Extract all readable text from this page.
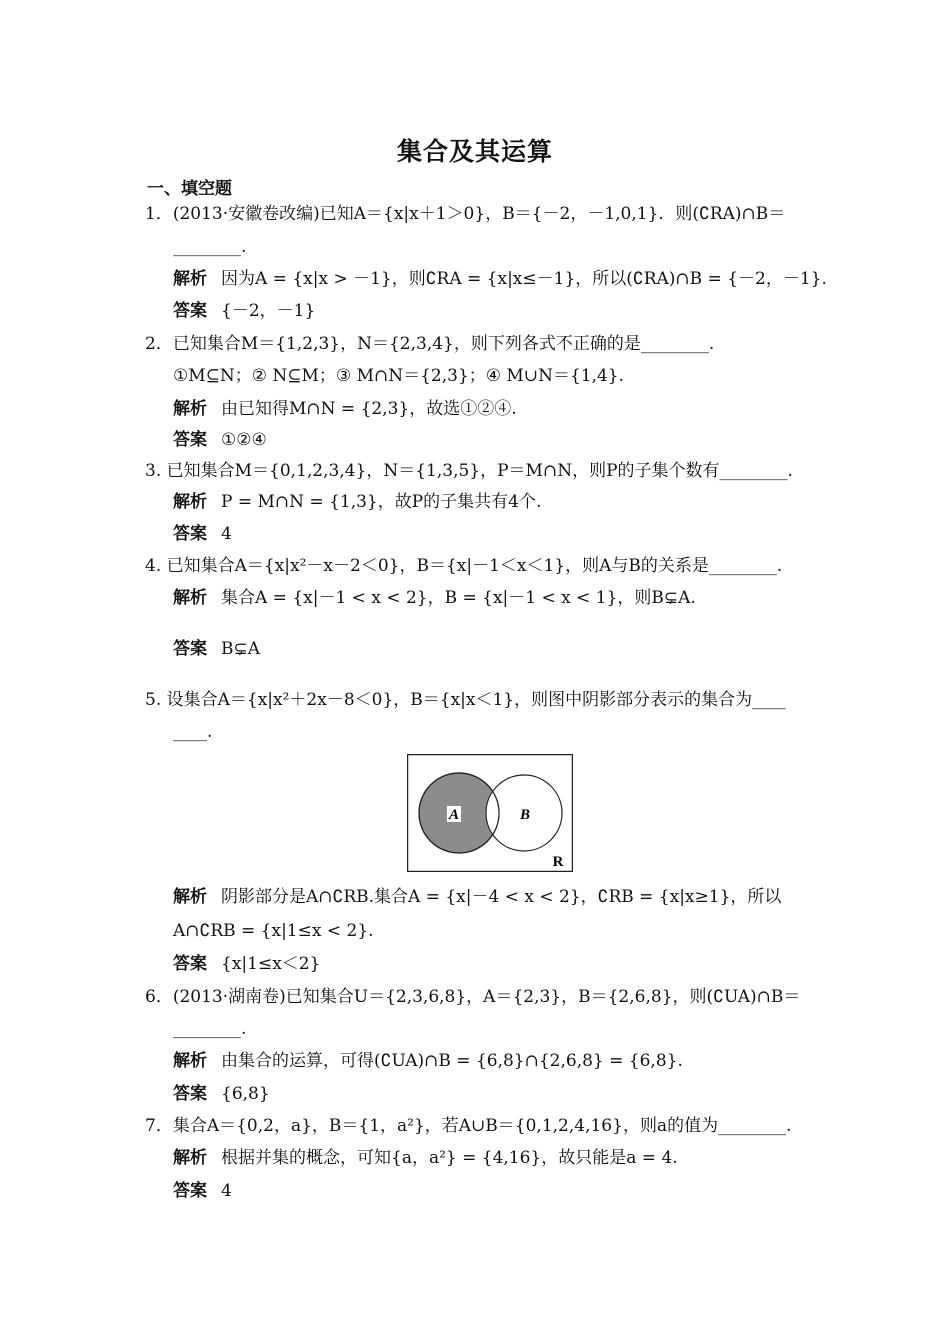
集合及其运算
一、填空题
1．(2013·安徽卷改编)已知A＝{x|x＋1＞0}，B＝{－2，－1,0,1}．则(∁RA)∩B＝
________.
解析 因为A = {x|x > －1}，则∁RA = {x|x≤－1}，所以(∁RA)∩B = {－2，－1}.
答案 {－2，－1}
2．已知集合M＝{1,2,3}，N＝{2,3,4}，则下列各式不正确的是________.
①M⊆N；② N⊆M；③ M∩N＝{2,3}；④ M∪N＝{1,4}.
解析 由已知得M∩N = {2,3}，故选①②④.
答案 ①②④
3. 已知集合M＝{0,1,2,3,4}，N＝{1,3,5}，P＝M∩N，则P的子集个数有________.
解析 P = M∩N = {1,3}，故P的子集共有4个.
答案 4
4. 已知集合A＝{x|x²－x－2＜0}，B＝{x|－1＜x＜1}，则A与B的关系是________.
解析 集合A = {x|－1 < x < 2}，B = {x|－1 < x < 1}，则B⊊A.
答案 B⊊A
5. 设集合A＝{x|x²＋2x－8＜0}，B＝{x|x＜1}，则图中阴影部分表示的集合为____
____.
A	B
R
解析 阴影部分是A∩∁RB.集合A = {x|－4 < x < 2}，∁RB = {x|x≥1}，所以
A∩∁RB = {x|1≤x < 2}.
答案 {x|1≤x＜2}
6．(2013·湖南卷)已知集合U＝{2,3,6,8}，A＝{2,3}，B＝{2,6,8}，则(∁UA)∩B＝
________.
解析 由集合的运算，可得(∁UA)∩B = {6,8}∩{2,6,8} = {6,8}.
答案 {6,8}
7．集合A＝{0,2，a}，B＝{1，a²}，若A∪B＝{0,1,2,4,16}，则a的值为________.
解析 根据并集的概念，可知{a，a²} = {4,16}，故只能是a = 4.
答案 4
